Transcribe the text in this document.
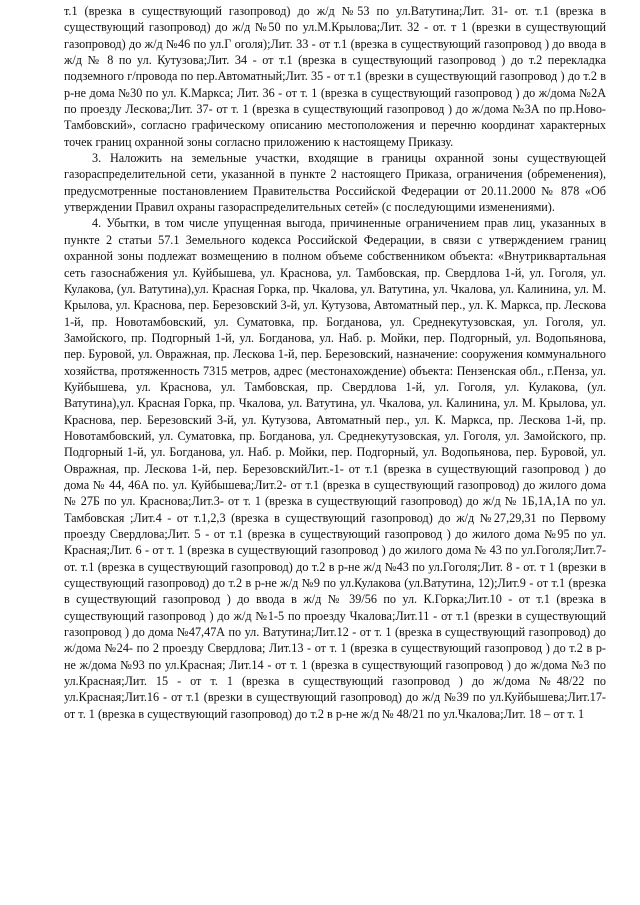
т.1 (врезка в существующий газопровод) до ж/д №53 по ул.Ватутина;Лит. 31- от. т.1 (врезка в существующий газопровод) до ж/д №50 по ул.М.Крылова;Лит. 32 - от. т 1 (врезки в существующий газопровод) до ж/д №46 по ул.Г оголя);Лит. 33 - от т.1 (врезка в существующий газопровод ) до ввода в ж/д № 8 по ул. Кутузова;Лит. 34 - от т.1 (врезка в существующий газопровод ) до т.2 перекладка подземного г/провода по пер.Автоматный;Лит. 35 - от т.1 (врезки в существующий газопровод ) до т.2 в р-не дома №30 по ул. К.Маркса; Лит. 36 - от т. 1 (врезка в существующий газопровод ) до ж/дома №2А по проезду Лескова;Лит. 37- от т. 1 (врезка в существующий газопровод ) до ж/дома №3А по пр.Ново-Тамбовский», согласно графическому описанию местоположения и перечню координат характерных точек границ охранной зоны согласно приложению к настоящему Приказу.

3. Наложить на земельные участки, входящие в границы охранной зоны существующей газораспределительной сети, указанной в пункте 2 настоящего Приказа, ограничения (обременения), предусмотренные постановлением Правительства Российской Федерации от 20.11.2000 № 878 «Об утверждении Правил охраны газораспределительных сетей» (с последующими изменениями).

4. Убытки, в том числе упущенная выгода, причиненные ограничением прав лиц, указанных в пункте 2 статьи 57.1 Земельного кодекса Российской Федерации, в связи с утверждением границ охранной зоны подлежат возмещению в полном объеме собственником объекта: «Внутриквартальная сеть газоснабжения ул. Куйбышева, ул. Краснова, ул. Тамбовская, пр. Свердлова 1-й, ул. Гоголя, ул. Кулакова, (ул. Ватутина),ул. Красная Горка, пр. Чкалова, ул. Ватутина, ул. Чкалова, ул. Калинина, ул. М. Крылова, ул. Краснова, пер. Березовский 3-й, ул. Кутузова, Автоматный пер., ул. К. Маркса, пр. Лескова 1-й, пр. Новотамбовский, ул. Суматовка, пр. Богданова, ул. Среднекутузовская, ул. Гоголя, ул. Замойского, пр. Подгорный 1-й, ул. Богданова, ул. Наб. р. Мойки, пер. Подгорный, ул. Водопьянова, пер. Буровой, ул. Овражная, пр. Лескова 1-й, пер. Березовский, назначение: сооружения коммунального хозяйства, протяженность 7315 метров, адрес (местонахождение) объекта: Пензенская обл., г.Пенза, ул. Куйбышева, ул. Краснова, ул. Тамбовская, пр. Свердлова 1-й, ул. Гоголя, ул. Кулакова, (ул. Ватутина),ул. Красная Горка, пр. Чкалова, ул. Ватутина, ул. Чкалова, ул. Калинина, ул. М. Крылова, ул. Краснова, пер. Березовский 3-й, ул. Кутузова, Автоматный пер., ул. К. Маркса, пр. Лескова 1-й, пр. Новотамбовский, ул. Суматовка, пр. Богданова, ул. Среднекутузовская, ул. Гоголя, ул. Замойского, пр. Подгорный 1-й, ул. Богданова, ул. Наб. р. Мойки, пер. Подгорный, ул. Водопьянова, пер. Буровой, ул. Овражная, пр. Лескова 1-й, пер. БерезовскийЛит.-1- от т.1 (врезка в существующий газопровод ) до дома № 44, 46А по. ул. Куйбышева;Лит.2- от т.1 (врезка в существующий газопровод) до жилого дома № 27Б по ул. Краснова;Лит.3- от т. 1 (врезка в существующий газопровод) до ж/д № 1Б,1А,1А по ул. Тамбовская ;Лит.4 - от т.1,2,3 (врезка в существующий газопровод) до ж/д №27,29,31 по Первому проезду Свердлова;Лит. 5 - от т.1 (врезка в существующий газопровод ) до жилого дома №95 по ул. Красная;Лит. 6 - от т. 1 (врезка в существующий газопровод ) до жилого дома № 43 по ул.Гоголя;Лит.7- от. т.1 (врезка в существующий газопровод) до т.2 в р-не ж/д №43 по ул.Гоголя;Лит. 8 - от. т 1 (врезки в существующий газопровод) до т.2 в р-не ж/д №9 по ул.Кулакова (ул.Ватутина, 12);Лит.9 - от т.1 (врезка в существующий газопровод ) до ввода в ж/д № 39/56 по ул. К.Горка;Лит.10 - от т.1 (врезка в существующий газопровод ) до ж/д №1-5 по проезду Чкалова;Лит.11 - от т.1 (врезки в существующий газопровод ) до дома №47,47А по ул. Ватутина;Лит.12 - от т. 1 (врезка в существующий газопровод) до ж/дома №24- по 2 проезду Свердлова; Лит.13 - от т. 1 (врезка в существующий газопровод ) до т.2 в р-не ж/дома №93 по ул.Красная; Лит.14 - от т. 1 (врезка в существующий газопровод ) до ж/дома №3 по ул.Красная;Лит. 15 - от т. 1 (врезка в существующий газопровод ) до ж/дома №48/22 по ул.Красная;Лит.16 - от т.1 (врезки в существующий газопровод) до ж/д №39 по ул.Куйбышева;Лит.17- от т. 1 (врезка в существующий газопровод) до т.2 в р-не ж/д № 48/21 по ул.Чкалова;Лит. 18 – от т. 1
